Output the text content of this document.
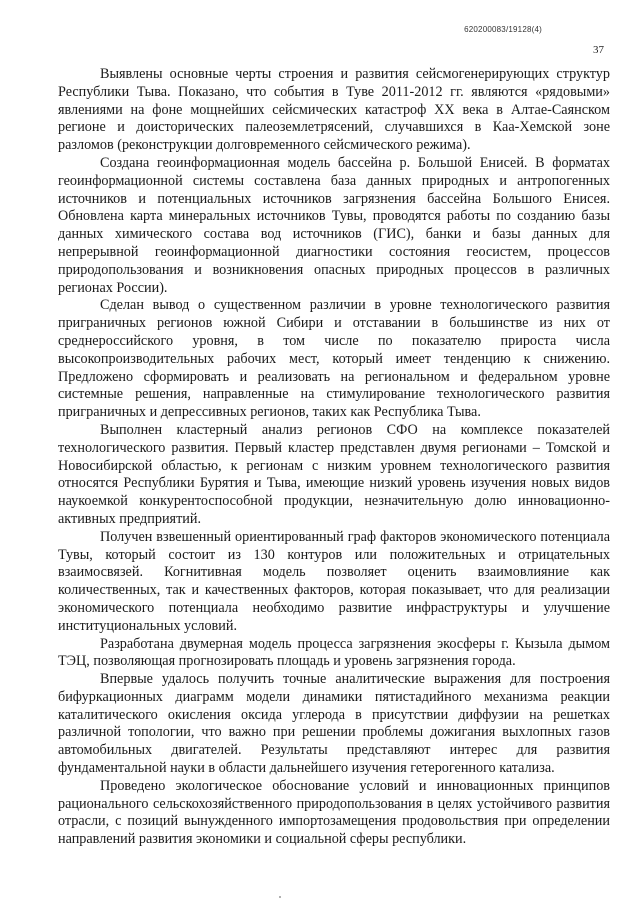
620200083/19128(4)
37

Выявлены основные черты строения и развития сейсмогенерирующих структур Республики Тыва. Показано, что события в Туве 2011-2012 гг. являются «рядовыми» явлениями на фоне мощнейших сейсмических катастроф XX века в Алтае-Саянском регионе и доисторических палеоземлетрясений, случавшихся в Каа-Хемской зоне разломов (реконструкции долговременного сейсмического режима).

Создана геоинформационная модель бассейна р. Большой Енисей. В форматах геоинформационной системы составлена база данных природных и антропогенных источников и потенциальных источников загрязнения бассейна Большого Енисея. Обновлена карта минеральных источников Тувы, проводятся работы по созданию базы данных химического состава вод источников (ГИС), банки и базы данных для непрерывной геоинформационной диагностики состояния геосистем, процессов природопользования и возникновения опасных природных процессов в различных регионах России).

Сделан вывод о существенном различии в уровне технологического развития приграничных регионов южной Сибири и отставании в большинстве из них от среднероссийского уровня, в том числе по показателю прироста числа высокопроизводительных рабочих мест, который имеет тенденцию к снижению. Предложено сформировать и реализовать на региональном и федеральном уровне системные решения, направленные на стимулирование технологического развития приграничных и депрессивных регионов, таких как Республика Тыва.

Выполнен кластерный анализ регионов СФО на комплексе показателей технологического развития. Первый кластер представлен двумя регионами – Томской и Новосибирской областью, к регионам с низким уровнем технологического развития относятся Республики Бурятия и Тыва, имеющие низкий уровень изучения новых видов наукоемкой конкурентоспособной продукции, незначительную долю инновационно-активных предприятий.

Получен взвешенный ориентированный граф факторов экономического потенциала Тувы, который состоит из 130 контуров или положительных и отрицательных взаимосвязей. Когнитивная модель позволяет оценить взаимовлияние как количественных, так и качественных факторов, которая показывает, что для реализации экономического потенциала необходимо развитие инфраструктуры и улучшение институциональных условий.

Разработана двумерная модель процесса загрязнения экосферы г. Кызыла дымом ТЭЦ, позволяющая прогнозировать площадь и уровень загрязнения города.

Впервые удалось получить точные аналитические выражения для построения бифуркационных диаграмм модели динамики пятистадийного механизма реакции каталитического окисления оксида углерода в присутствии диффузии на решетках различной топологии, что важно при решении проблемы дожигания выхлопных газов автомобильных двигателей. Результаты представляют интерес для развития фундаментальной науки в области дальнейшего изучения гетерогенного катализа.

Проведено экологическое обоснование условий и инновационных принципов рационального сельскохозяйственного природопользования в целях устойчивого развития отрасли, с позиций вынужденного импортозамещения продовольствия при определении направлений развития экономики и социальной сферы республики.
